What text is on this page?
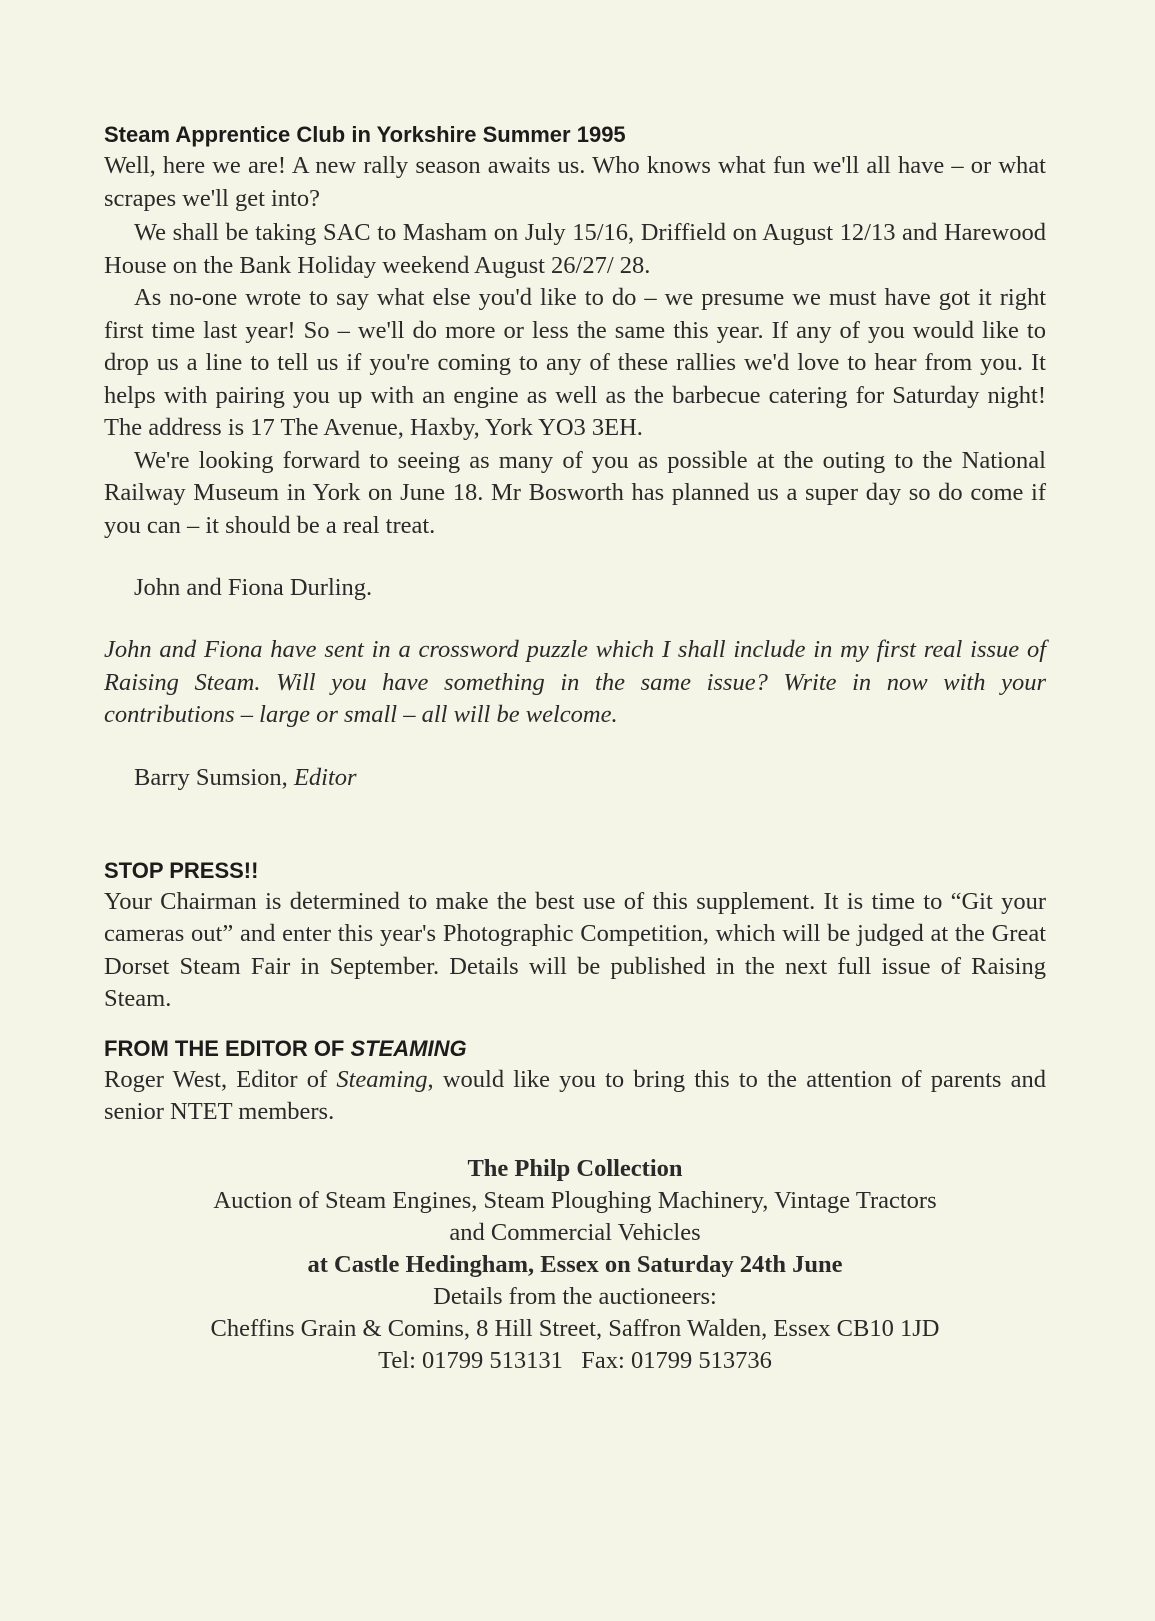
Steam Apprentice Club in Yorkshire Summer 1995

Well, here we are! A new rally season awaits us. Who knows what fun we'll all have – or what scrapes we'll get into?

We shall be taking SAC to Masham on July 15/16, Driffield on August 12/13 and Harewood House on the Bank Holiday weekend August 26/27/ 28.

As no-one wrote to say what else you'd like to do – we presume we must have got it right first time last year! So – we'll do more or less the same this year. If any of you would like to drop us a line to tell us if you're coming to any of these rallies we'd love to hear from you. It helps with pairing you up with an engine as well as the barbecue catering for Saturday night! The address is 17 The Avenue, Haxby, York YO3 3EH.

We're looking forward to seeing as many of you as possible at the outing to the National Railway Museum in York on June 18. Mr Bosworth has planned us a super day so do come if you can – it should be a real treat.

John and Fiona Durling.

John and Fiona have sent in a crossword puzzle which I shall include in my first real issue of Raising Steam. Will you have something in the same issue? Write in now with your contributions – large or small – all will be welcome.

Barry Sumsion, Editor

STOP PRESS!!

Your Chairman is determined to make the best use of this supplement. It is time to “Git your cameras out” and enter this year's Photographic Competition, which will be judged at the Great Dorset Steam Fair in September. Details will be published in the next full issue of Raising Steam.

FROM THE EDITOR OF STEAMING

Roger West, Editor of Steaming, would like you to bring this to the attention of parents and senior NTET members.

The Philp Collection

Auction of Steam Engines, Steam Ploughing Machinery, Vintage Tractors

and Commercial Vehicles

at Castle Hedingham, Essex on Saturday 24th June

Details from the auctioneers:

Cheffins Grain & Comins, 8 Hill Street, Saffron Walden, Essex CB10 1JD

Tel: 01799 513131   Fax: 01799 513736
